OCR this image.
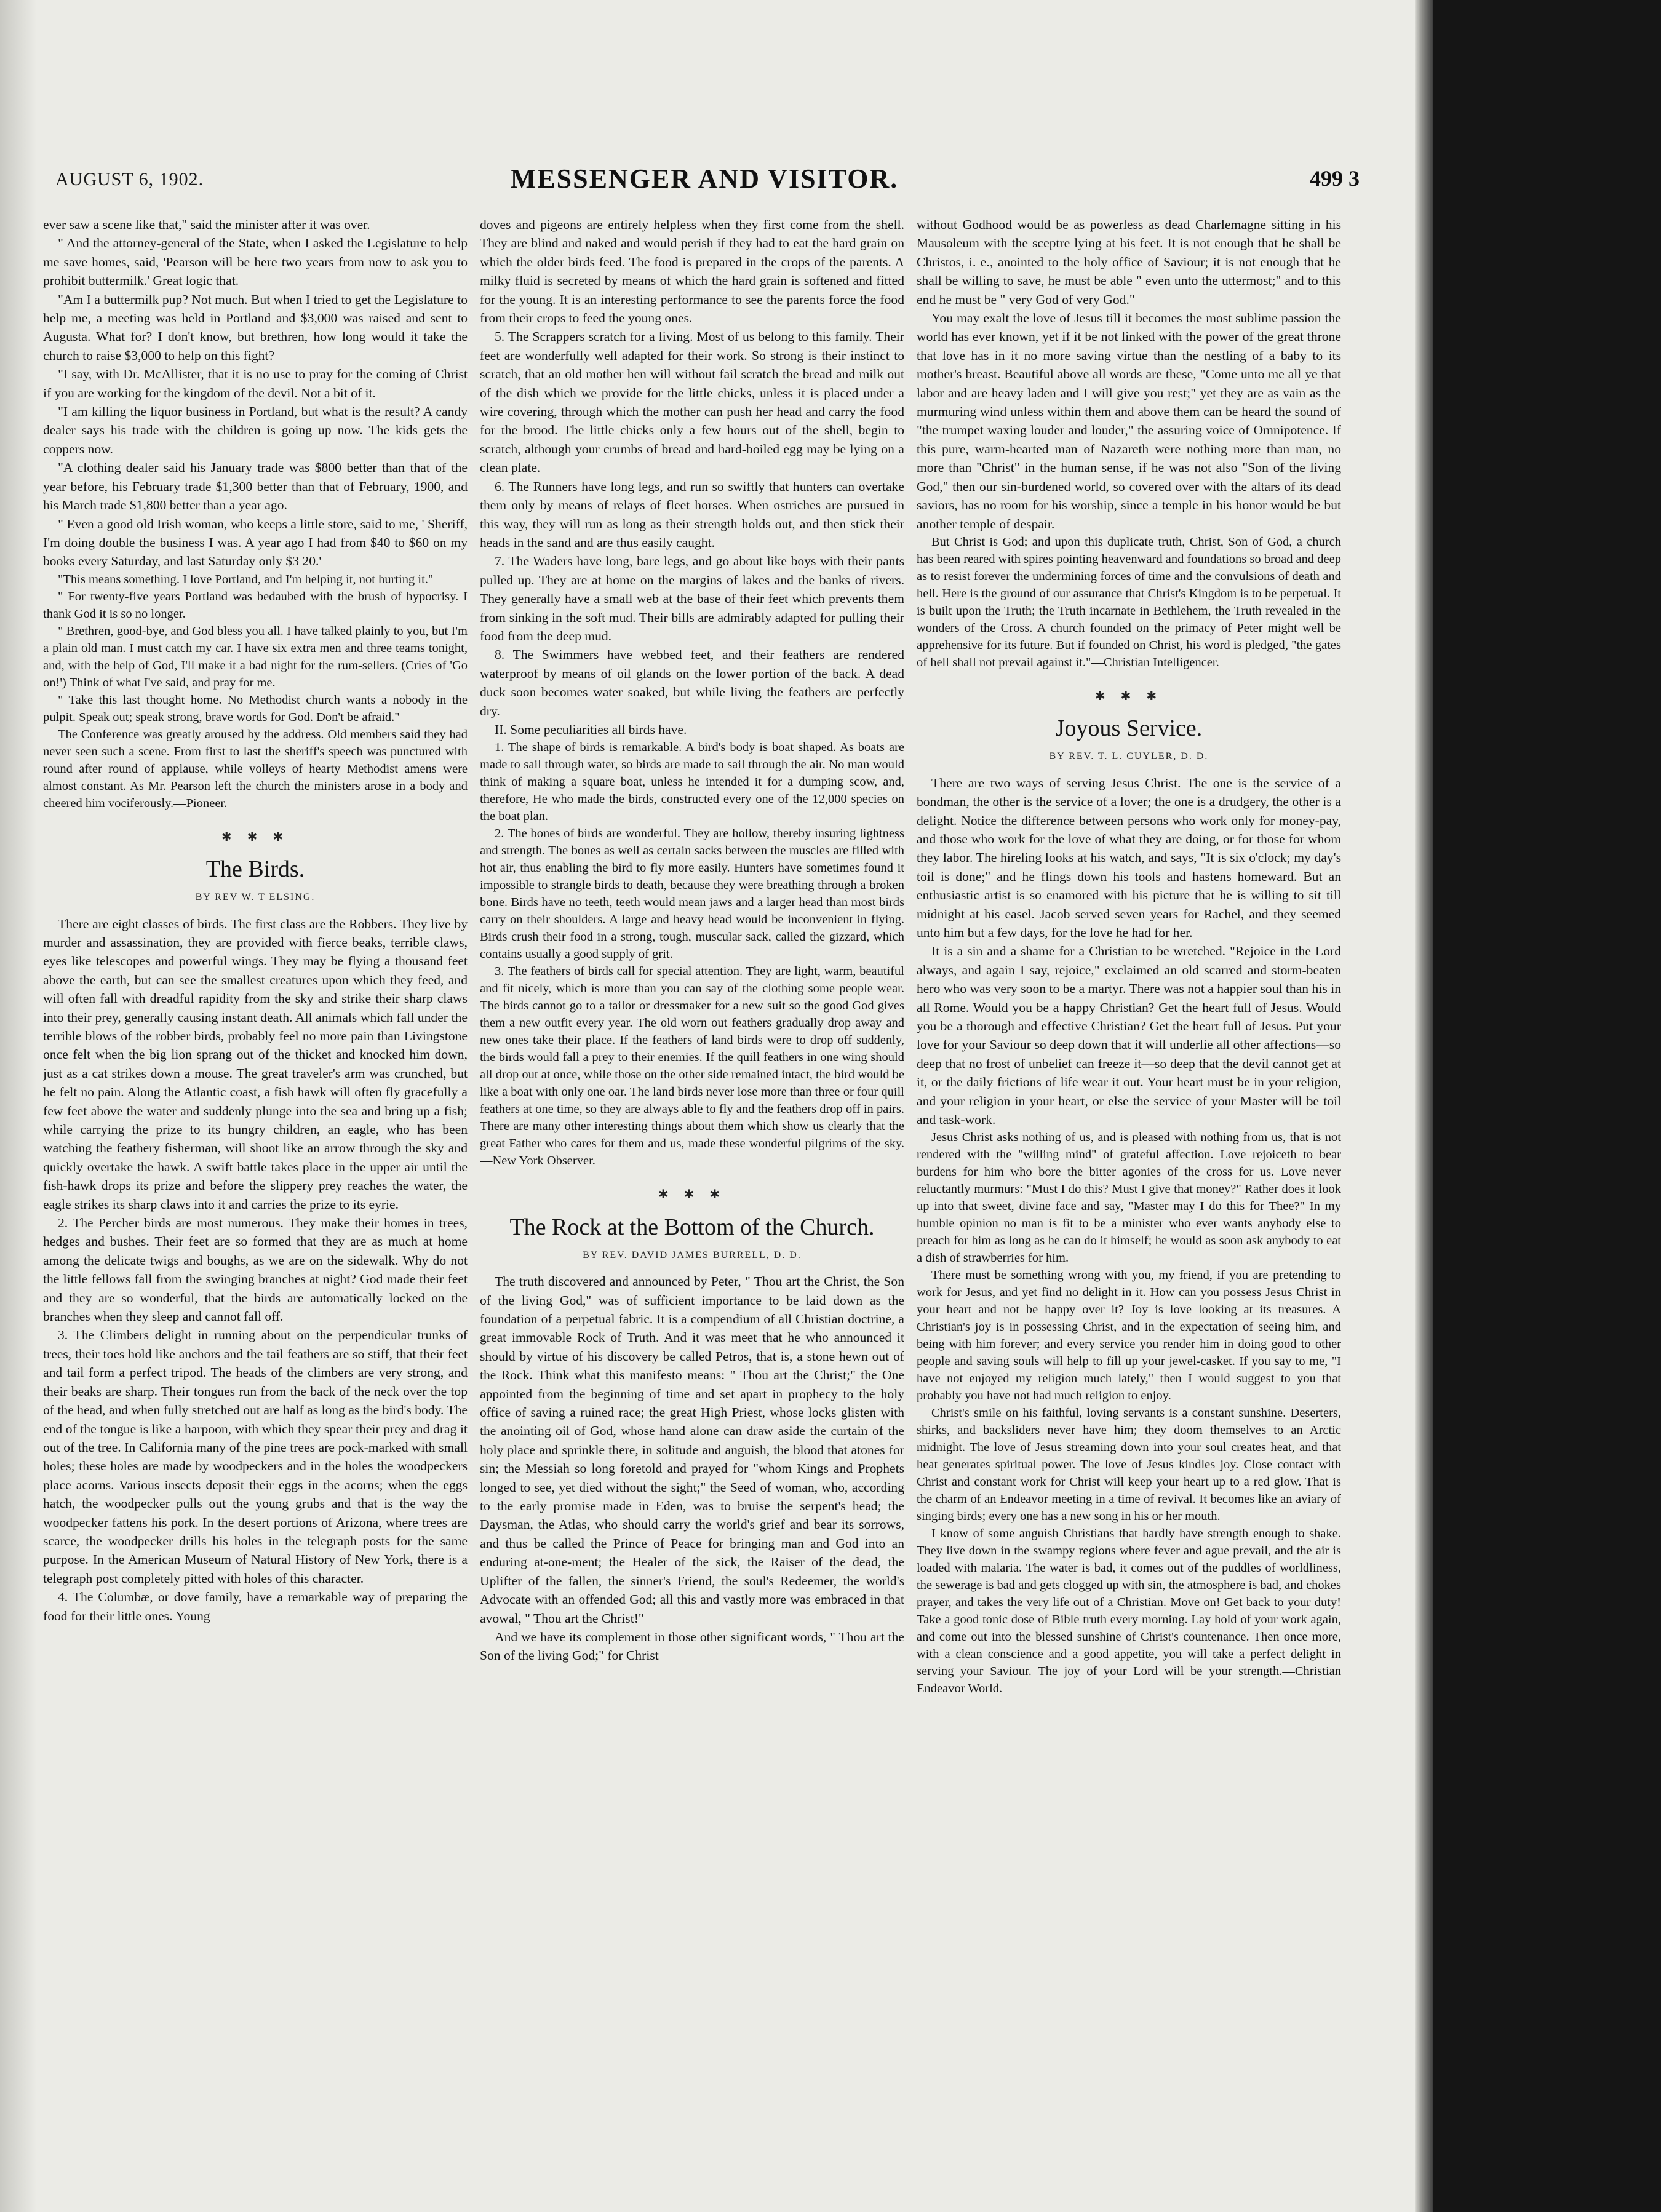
AUGUST 6, 1902.	MESSENGER AND VISITOR.	499 3

ever saw a scene like that," said the minister after it was over.

" And the attorney-general of the State, when I asked the Legislature to help me save homes, said, 'Pearson will be here two years from now to ask you to prohibit buttermilk.' Great logic that.

"Am I a buttermilk pup? Not much. But when I tried to get the Legislature to help me, a meeting was held in Portland and $3,000 was raised and sent to Augusta. What for? I don't know, but brethren, how long would it take the church to raise $3,000 to help on this fight?

"I say, with Dr. McAllister, that it is no use to pray for the coming of Christ if you are working for the kingdom of the devil. Not a bit of it.

"I am killing the liquor business in Portland, but what is the result? A candy dealer says his trade with the children is going up now. The kids gets the coppers now.

"A clothing dealer said his January trade was $800 better than that of the year before, his February trade $1,300 better than that of February, 1900, and his March trade $1,800 better than a year ago.

" Even a good old Irish woman, who keeps a little store, said to me, ' Sheriff, I'm doing double the business I was. A year ago I had from $40 to $60 on my books every Saturday, and last Saturday only $3 20.'

"This means something. I love Portland, and I'm helping it, not hurting it."

" For twenty-five years Portland was bedaubed with the brush of hypocrisy. I thank God it is so no longer.

" Brethren, good-bye, and God bless you all. I have talked plainly to you, but I'm a plain old man. I must catch my car. I have six extra men and three teams tonight, and, with the help of God, I'll make it a bad night for the rum-sellers. (Cries of 'Go on!') Think of what I've said, and pray for me.

" Take this last thought home. No Methodist church wants a nobody in the pulpit. Speak out; speak strong, brave words for God. Don't be afraid."

The Conference was greatly aroused by the address. Old members said they had never seen such a scene. From first to last the sheriff's speech was punctured with round after round of applause, while volleys of hearty Methodist amens were almost constant. As Mr. Pearson left the church the ministers arose in a body and cheered him vociferously.—Pioneer.

✱ ✱ ✱
The Birds.
BY REV W. T ELSING.

There are eight classes of birds. The first class are the Robbers. They live by murder and assassination, they are provided with fierce beaks, terrible claws, eyes like telescopes and powerful wings. They may be flying a thousand feet above the earth, but can see the smallest creatures upon which they feed, and will often fall with dreadful rapidity from the sky and strike their sharp claws into their prey, generally causing instant death. All animals which fall under the terrible blows of the robber birds, probably feel no more pain than Livingstone once felt when the big lion sprang out of the thicket and knocked him down, just as a cat strikes down a mouse. The great traveler's arm was crunched, but he felt no pain. Along the Atlantic coast, a fish hawk will often fly gracefully a few feet above the water and suddenly plunge into the sea and bring up a fish; while carrying the prize to its hungry children, an eagle, who has been watching the feathery fisherman, will shoot like an arrow through the sky and quickly overtake the hawk. A swift battle takes place in the upper air until the fish-hawk drops its prize and before the slippery prey reaches the water, the eagle strikes its sharp claws into it and carries the prize to its eyrie.

2. The Percher birds are most numerous. They make their homes in trees, hedges and bushes. Their feet are so formed that they are as much at home among the delicate twigs and boughs, as we are on the sidewalk. Why do not the little fellows fall from the swinging branches at night? God made their feet and they are so wonderful, that the birds are automatically locked on the branches when they sleep and cannot fall off.

3. The Climbers delight in running about on the perpendicular trunks of trees, their toes hold like anchors and the tail feathers are so stiff, that their feet and tail form a perfect tripod. The heads of the climbers are very strong, and their beaks are sharp. Their tongues run from the back of the neck over the top of the head, and when fully stretched out are half as long as the bird's body. The end of the tongue is like a harpoon, with which they spear their prey and drag it out of the tree. In California many of the pine trees are pock-marked with small holes; these holes are made by woodpeckers and in the holes the woodpeckers place acorns. Various insects deposit their eggs in the acorns; when the eggs hatch, the woodpecker pulls out the young grubs and that is the way the woodpecker fattens his pork. In the desert portions of Arizona, where trees are scarce, the woodpecker drills his holes in the telegraph posts for the same purpose. In the American Museum of Natural History of New York, there is a telegraph post completely pitted with holes of this character.

4. The Columbæ, or dove family, have a remarkable way of preparing the food for their little ones. Young

doves and pigeons are entirely helpless when they first come from the shell. They are blind and naked and would perish if they had to eat the hard grain on which the older birds feed. The food is prepared in the crops of the parents. A milky fluid is secreted by means of which the hard grain is softened and fitted for the young. It is an interesting performance to see the parents force the food from their crops to feed the young ones.

5. The Scrappers scratch for a living. Most of us belong to this family. Their feet are wonderfully well adapted for their work. So strong is their instinct to scratch, that an old mother hen will without fail scratch the bread and milk out of the dish which we provide for the little chicks, unless it is placed under a wire covering, through which the mother can push her head and carry the food for the brood. The little chicks only a few hours out of the shell, begin to scratch, although your crumbs of bread and hard-boiled egg may be lying on a clean plate.

6. The Runners have long legs, and run so swiftly that hunters can overtake them only by means of relays of fleet horses. When ostriches are pursued in this way, they will run as long as their strength holds out, and then stick their heads in the sand and are thus easily caught.

7. The Waders have long, bare legs, and go about like boys with their pants pulled up. They are at home on the margins of lakes and the banks of rivers. They generally have a small web at the base of their feet which prevents them from sinking in the soft mud. Their bills are admirably adapted for pulling their food from the deep mud.

8. The Swimmers have webbed feet, and their feathers are rendered waterproof by means of oil glands on the lower portion of the back. A dead duck soon becomes water soaked, but while living the feathers are perfectly dry.

II. Some peculiarities all birds have.

1. The shape of birds is remarkable. A bird's body is boat shaped. As boats are made to sail through water, so birds are made to sail through the air. No man would think of making a square boat, unless he intended it for a dumping scow, and, therefore, He who made the birds, constructed every one of the 12,000 species on the boat plan.

2. The bones of birds are wonderful. They are hollow, thereby insuring lightness and strength. The bones as well as certain sacks between the muscles are filled with hot air, thus enabling the bird to fly more easily. Hunters have sometimes found it impossible to strangle birds to death, because they were breathing through a broken bone. Birds have no teeth, teeth would mean jaws and a larger head than most birds carry on their shoulders. A large and heavy head would be inconvenient in flying. Birds crush their food in a strong, tough, muscular sack, called the gizzard, which contains usually a good supply of grit.

3. The feathers of birds call for special attention. They are light, warm, beautiful and fit nicely, which is more than you can say of the clothing some people wear. The birds cannot go to a tailor or dressmaker for a new suit so the good God gives them a new outfit every year. The old worn out feathers gradually drop away and new ones take their place. If the feathers of land birds were to drop off suddenly, the birds would fall a prey to their enemies. If the quill feathers in one wing should all drop out at once, while those on the other side remained intact, the bird would be like a boat with only one oar. The land birds never lose more than three or four quill feathers at one time, so they are always able to fly and the feathers drop off in pairs. There are many other interesting things about them which show us clearly that the great Father who cares for them and us, made these wonderful pilgrims of the sky.—New York Observer.

✱ ✱ ✱
The Rock at the Bottom of the Church.
BY REV. DAVID JAMES BURRELL, D. D.

The truth discovered and announced by Peter, " Thou art the Christ, the Son of the living God," was of sufficient importance to be laid down as the foundation of a perpetual fabric. It is a compendium of all Christian doctrine, a great immovable Rock of Truth. And it was meet that he who announced it should by virtue of his discovery be called Petros, that is, a stone hewn out of the Rock. Think what this manifesto means: " Thou art the Christ;" the One appointed from the beginning of time and set apart in prophecy to the holy office of saving a ruined race; the great High Priest, whose locks glisten with the anointing oil of God, whose hand alone can draw aside the curtain of the holy place and sprinkle there, in solitude and anguish, the blood that atones for sin; the Messiah so long foretold and prayed for "whom Kings and Prophets longed to see, yet died without the sight;" the Seed of woman, who, according to the early promise made in Eden, was to bruise the serpent's head; the Daysman, the Atlas, who should carry the world's grief and bear its sorrows, and thus be called the Prince of Peace for bringing man and God into an enduring at-one-ment; the Healer of the sick, the Raiser of the dead, the Uplifter of the fallen, the sinner's Friend, the soul's Redeemer, the world's Advocate with an offended God; all this and vastly more was embraced in that avowal, " Thou art the Christ!"

And we have its complement in those other significant words, " Thou art the Son of the living God;" for Christ

without Godhood would be as powerless as dead Charlemagne sitting in his Mausoleum with the sceptre lying at his feet. It is not enough that he shall be Christos, i. e., anointed to the holy office of Saviour; it is not enough that he shall be willing to save, he must be able " even unto the uttermost;" and to this end he must be " very God of very God."

You may exalt the love of Jesus till it becomes the most sublime passion the world has ever known, yet if it be not linked with the power of the great throne that love has in it no more saving virtue than the nestling of a baby to its mother's breast. Beautiful above all words are these, "Come unto me all ye that labor and are heavy laden and I will give you rest;" yet they are as vain as the murmuring wind unless within them and above them can be heard the sound of "the trumpet waxing louder and louder," the assuring voice of Omnipotence. If this pure, warm-hearted man of Nazareth were nothing more than man, no more than "Christ" in the human sense, if he was not also "Son of the living God," then our sin-burdened world, so covered over with the altars of its dead saviors, has no room for his worship, since a temple in his honor would be but another temple of despair.

But Christ is God; and upon this duplicate truth, Christ, Son of God, a church has been reared with spires pointing heavenward and foundations so broad and deep as to resist forever the undermining forces of time and the convulsions of death and hell. Here is the ground of our assurance that Christ's Kingdom is to be perpetual. It is built upon the Truth; the Truth incarnate in Bethlehem, the Truth revealed in the wonders of the Cross. A church founded on the primacy of Peter might well be apprehensive for its future. But if founded on Christ, his word is pledged, "the gates of hell shall not prevail against it."—Christian Intelligencer.

✱ ✱ ✱
Joyous Service.
BY REV. T. L. CUYLER, D. D.

There are two ways of serving Jesus Christ. The one is the service of a bondman, the other is the service of a lover; the one is a drudgery, the other is a delight. Notice the difference between persons who work only for money-pay, and those who work for the love of what they are doing, or for those for whom they labor. The hireling looks at his watch, and says, "It is six o'clock; my day's toil is done;" and he flings down his tools and hastens homeward. But an enthusiastic artist is so enamored with his picture that he is willing to sit till midnight at his easel. Jacob served seven years for Rachel, and they seemed unto him but a few days, for the love he had for her.

It is a sin and a shame for a Christian to be wretched. "Rejoice in the Lord always, and again I say, rejoice," exclaimed an old scarred and storm-beaten hero who was very soon to be a martyr. There was not a happier soul than his in all Rome. Would you be a happy Christian? Get the heart full of Jesus. Would you be a thorough and effective Christian? Get the heart full of Jesus. Put your love for your Saviour so deep down that it will underlie all other affections—so deep that no frost of unbelief can freeze it—so deep that the devil cannot get at it, or the daily frictions of life wear it out. Your heart must be in your religion, and your religion in your heart, or else the service of your Master will be toil and task-work.

Jesus Christ asks nothing of us, and is pleased with nothing from us, that is not rendered with the "willing mind" of grateful affection. Love rejoiceth to bear burdens for him who bore the bitter agonies of the cross for us. Love never reluctantly murmurs: "Must I do this? Must I give that money?" Rather does it look up into that sweet, divine face and say, "Master may I do this for Thee?" In my humble opinion no man is fit to be a minister who ever wants anybody else to preach for him as long as he can do it himself; he would as soon ask anybody to eat a dish of strawberries for him.

There must be something wrong with you, my friend, if you are pretending to work for Jesus, and yet find no delight in it. How can you possess Jesus Christ in your heart and not be happy over it? Joy is love looking at its treasures. A Christian's joy is in possessing Christ, and in the expectation of seeing him, and being with him forever; and every service you render him in doing good to other people and saving souls will help to fill up your jewel-casket. If you say to me, "I have not enjoyed my religion much lately," then I would suggest to you that probably you have not had much religion to enjoy.

Christ's smile on his faithful, loving servants is a constant sunshine. Deserters, shirks, and backsliders never have him; they doom themselves to an Arctic midnight. The love of Jesus streaming down into your soul creates heat, and that heat generates spiritual power. The love of Jesus kindles joy. Close contact with Christ and constant work for Christ will keep your heart up to a red glow. That is the charm of an Endeavor meeting in a time of revival. It becomes like an aviary of singing birds; every one has a new song in his or her mouth.

I know of some anguish Christians that hardly have strength enough to shake. They live down in the swampy regions where fever and ague prevail, and the air is loaded with malaria. The water is bad, it comes out of the puddles of worldliness, the sewerage is bad and gets clogged up with sin, the atmosphere is bad, and chokes prayer, and takes the very life out of a Christian. Move on! Get back to your duty! Take a good tonic dose of Bible truth every morning. Lay hold of your work again, and come out into the blessed sunshine of Christ's countenance. Then once more, with a clean conscience and a good appetite, you will take a perfect delight in serving your Saviour. The joy of your Lord will be your strength.—Christian Endeavor World.
